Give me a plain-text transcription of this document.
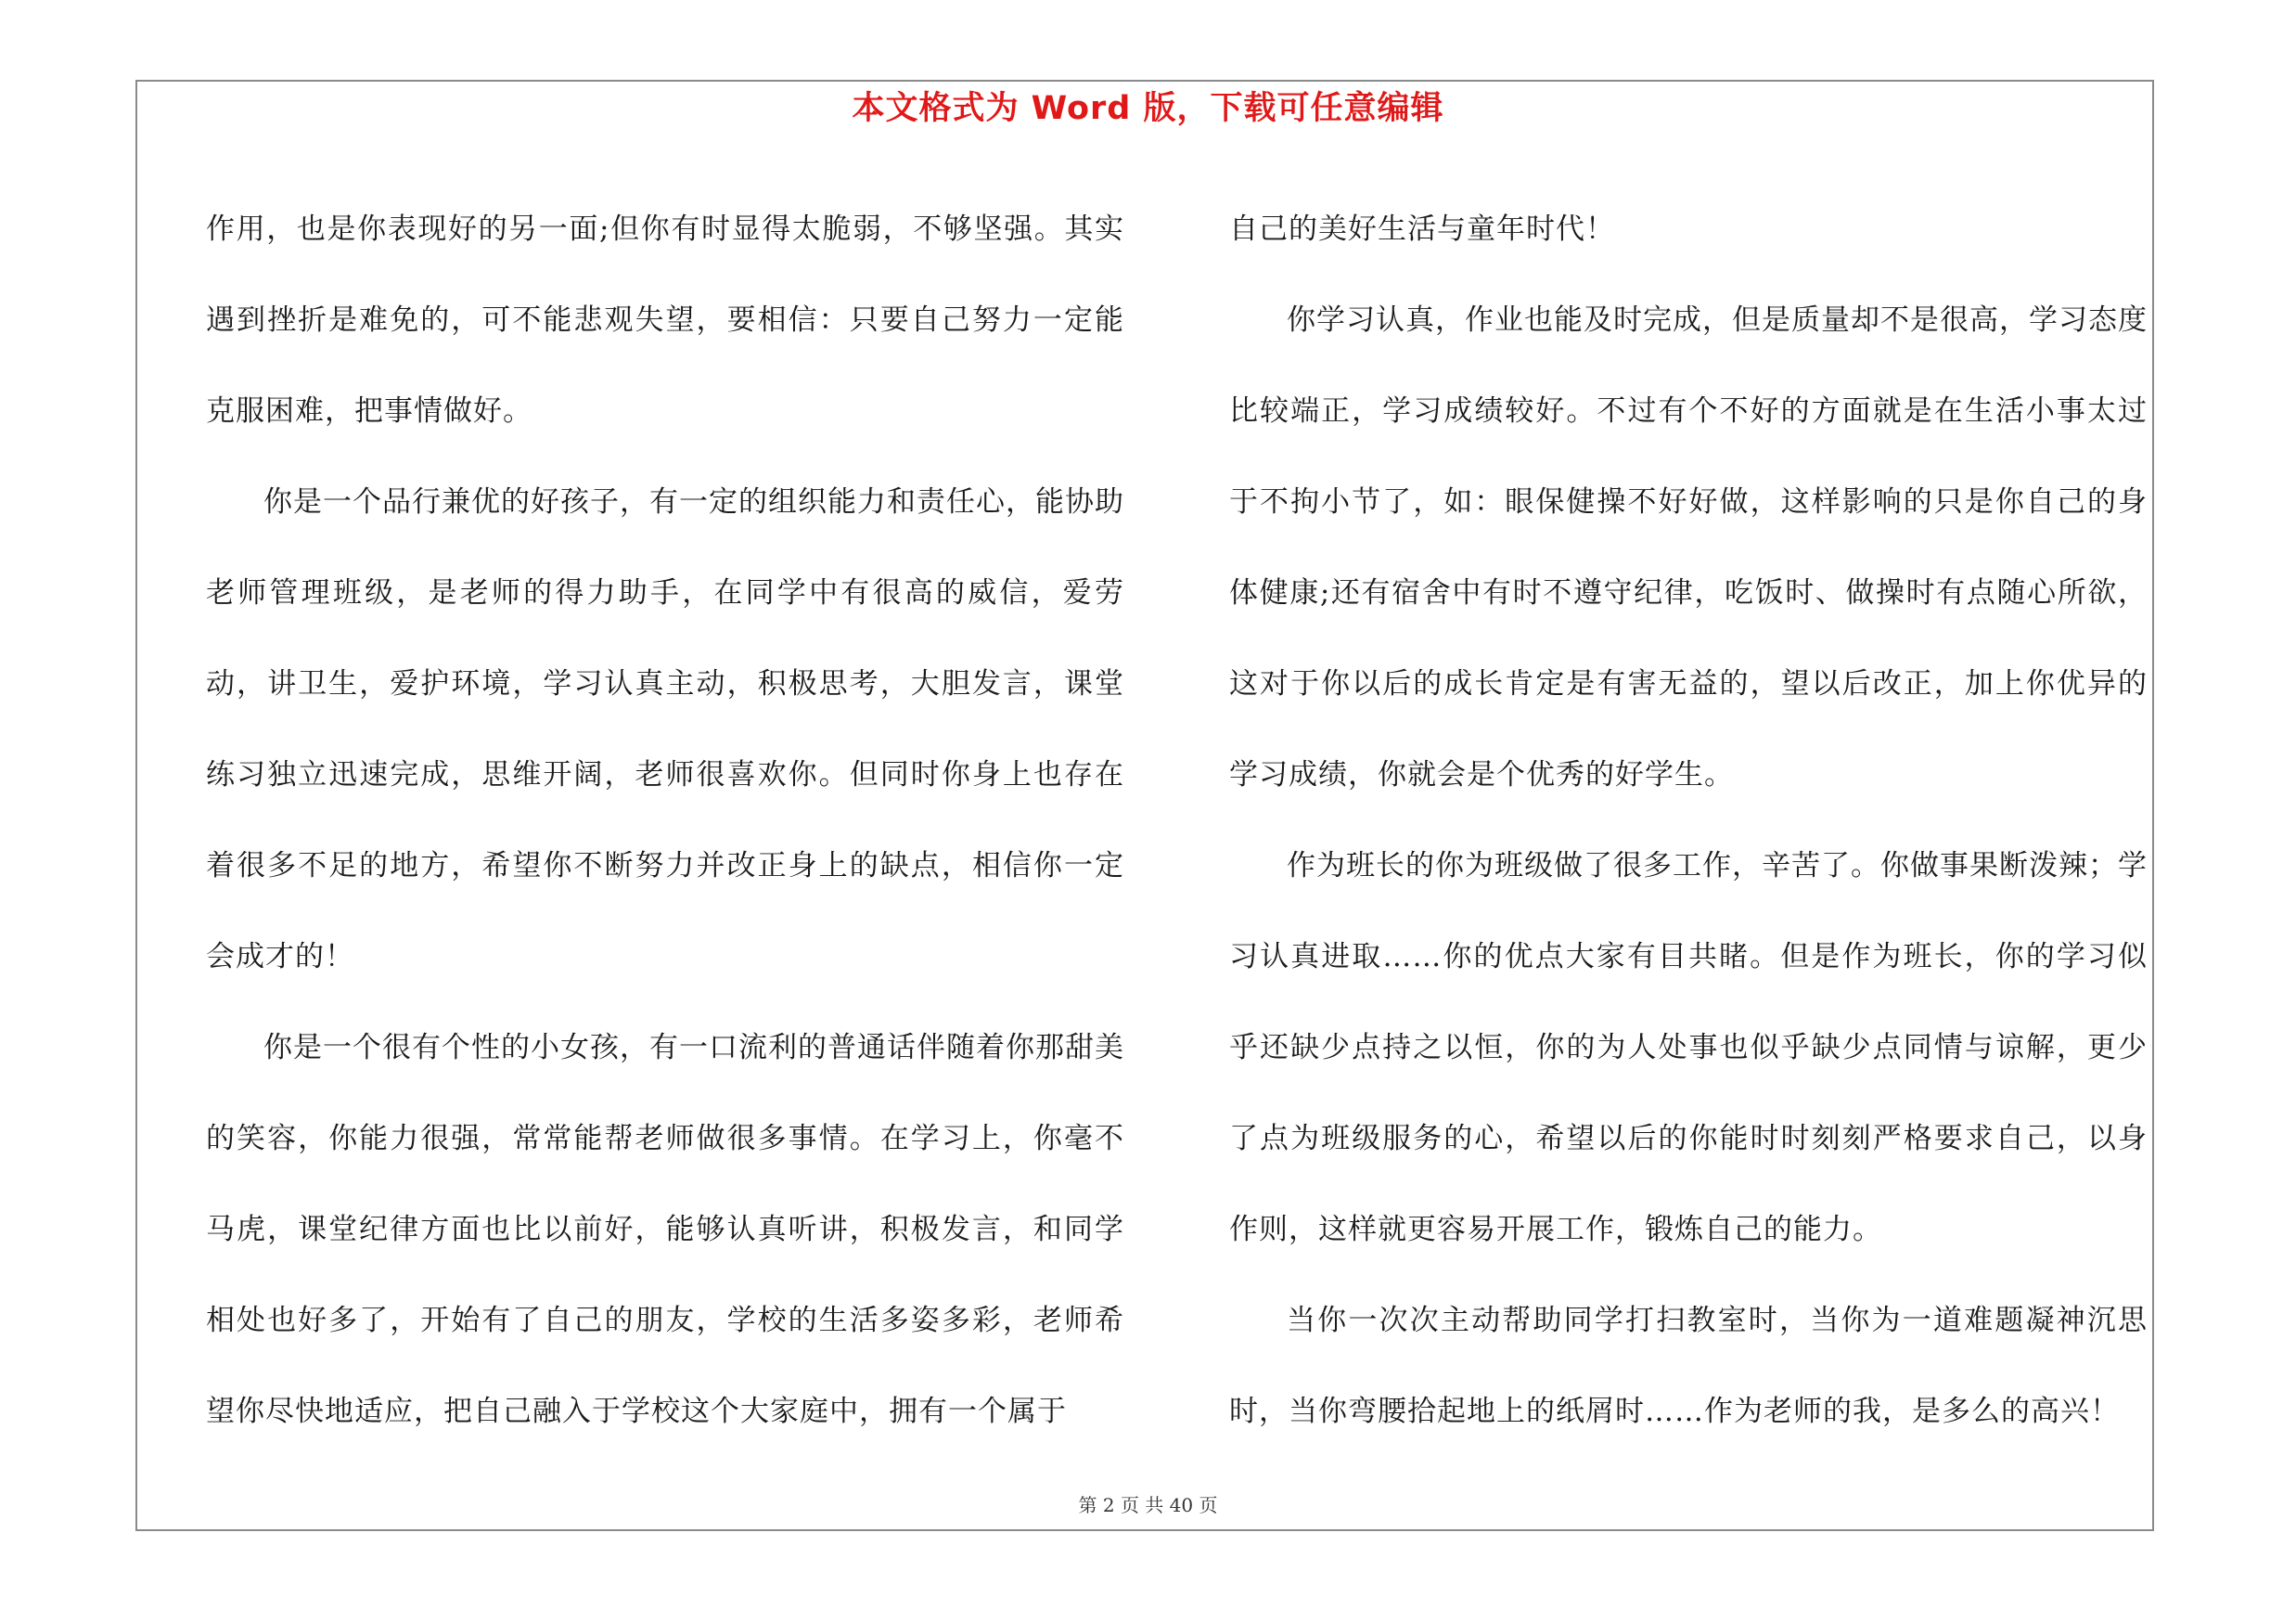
本文格式为 Word 版，下载可任意编辑

作用，也是你表现好的另一面;但你有时显得太脆弱，不够坚强。其实遇到挫折是难免的，可不能悲观失望，要相信：只要自己努力一定能克服困难，把事情做好。

你是一个品行兼优的好孩子，有一定的组织能力和责任心，能协助老师管理班级，是老师的得力助手，在同学中有很高的威信，爱劳动，讲卫生，爱护环境，学习认真主动，积极思考，大胆发言，课堂练习独立迅速完成，思维开阔，老师很喜欢你。但同时你身上也存在着很多不足的地方，希望你不断努力并改正身上的缺点，相信你一定会成才的！

你是一个很有个性的小女孩，有一口流利的普通话伴随着你那甜美的笑容，你能力很强，常常能帮老师做很多事情。在学习上，你毫不马虎，课堂纪律方面也比以前好，能够认真听讲，积极发言，和同学相处也好多了，开始有了自己的朋友，学校的生活多姿多彩，老师希望你尽快地适应，把自己融入于学校这个大家庭中，拥有一个属于

自己的美好生活与童年时代！

你学习认真，作业也能及时完成，但是质量却不是很高，学习态度比较端正，学习成绩较好。不过有个不好的方面就是在生活小事太过于不拘小节了，如：眼保健操不好好做，这样影响的只是你自己的身体健康;还有宿舍中有时不遵守纪律，吃饭时、做操时有点随心所欲，这对于你以后的成长肯定是有害无益的，望以后改正，加上你优异的学习成绩，你就会是个优秀的好学生。

作为班长的你为班级做了很多工作，辛苦了。你做事果断泼辣；学习认真进取……你的优点大家有目共睹。但是作为班长，你的学习似乎还缺少点持之以恒，你的为人处事也似乎缺少点同情与谅解，更少了点为班级服务的心，希望以后的你能时时刻刻严格要求自己，以身作则，这样就更容易开展工作，锻炼自己的能力。

当你一次次主动帮助同学打扫教室时，当你为一道难题凝神沉思时，当你弯腰拾起地上的纸屑时……作为老师的我，是多么的高兴！

第 2 页 共 40 页
